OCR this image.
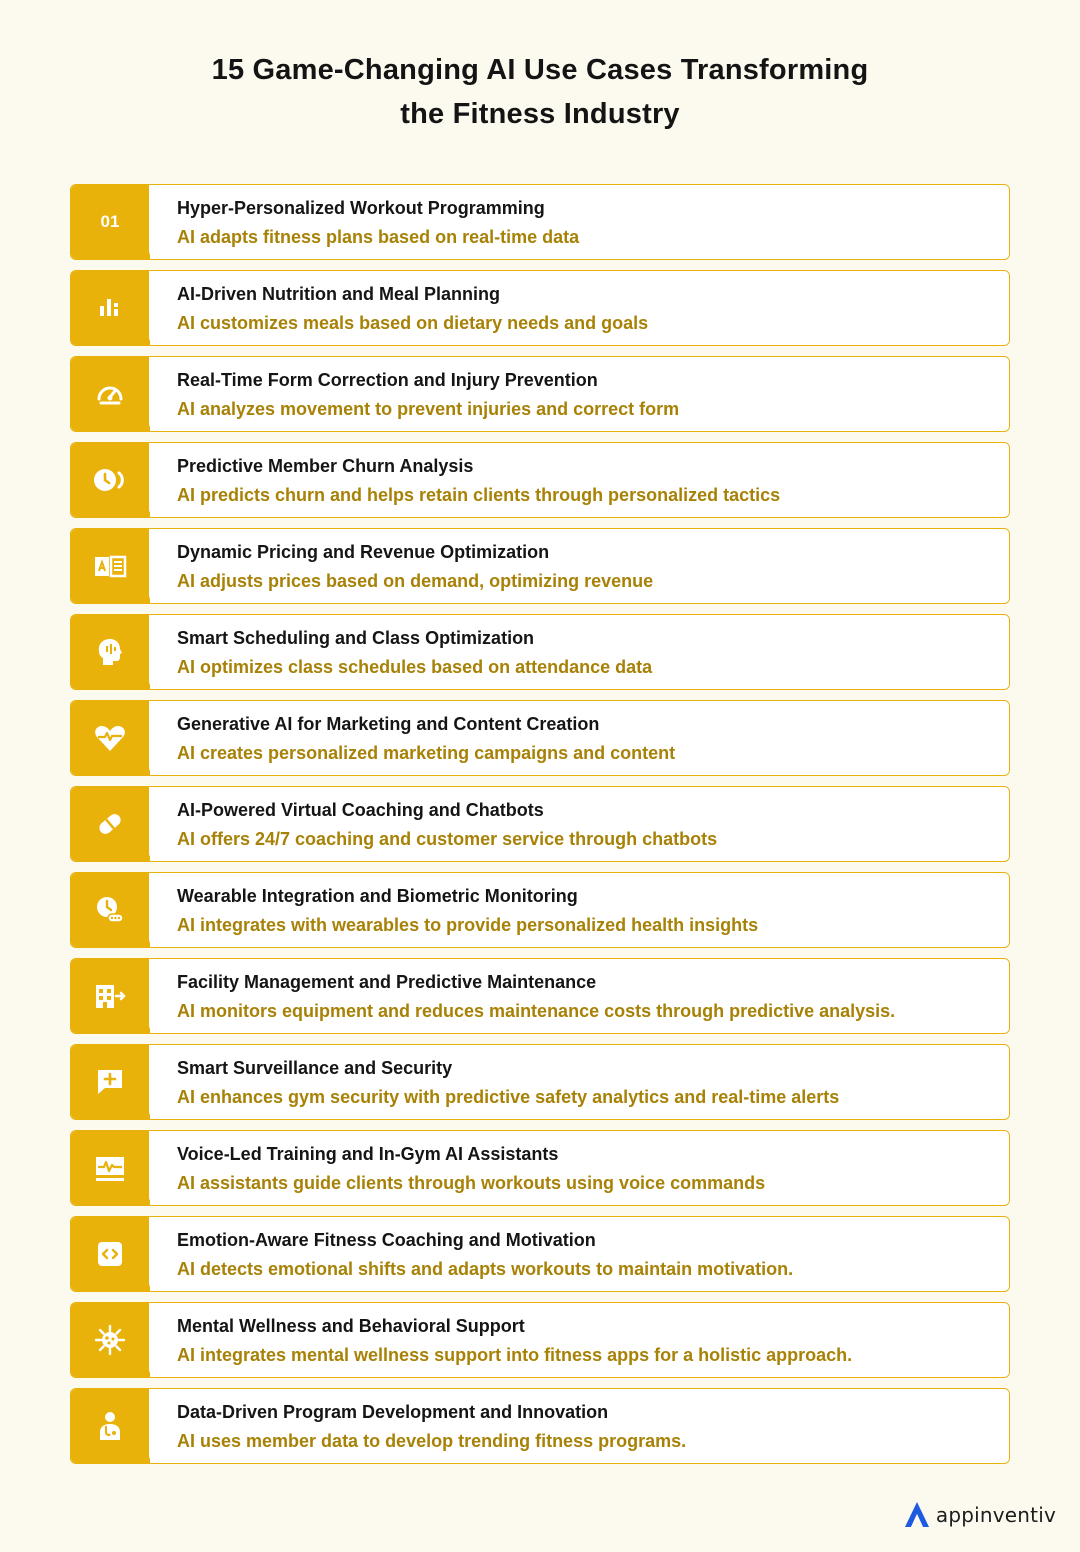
15 Game-Changing AI Use Cases Transforming
the Fitness Industry
01
Hyper-Personalized Workout Programming
AI adapts fitness plans based on real-time data
AI-Driven Nutrition and Meal Planning
AI customizes meals based on dietary needs and goals
Real-Time Form Correction and Injury Prevention
AI analyzes movement to prevent injuries and correct form
Predictive Member Churn Analysis
AI predicts churn and helps retain clients through personalized tactics
Dynamic Pricing and Revenue Optimization
AI adjusts prices based on demand, optimizing revenue
Smart Scheduling and Class Optimization
AI optimizes class schedules based on attendance data
Generative AI for Marketing and Content Creation
AI creates personalized marketing campaigns and content
AI-Powered Virtual Coaching and Chatbots
AI offers 24/7 coaching and customer service through chatbots
Wearable Integration and Biometric Monitoring
AI integrates with wearables to provide personalized health insights
Facility Management and Predictive Maintenance
AI monitors equipment and reduces maintenance costs through predictive analysis.
Smart Surveillance and Security
AI enhances gym security with predictive safety analytics and real-time alerts
Voice-Led Training and In-Gym AI Assistants
AI assistants guide clients through workouts using voice commands
Emotion-Aware Fitness Coaching and Motivation
AI detects emotional shifts and adapts workouts to maintain motivation.
Mental Wellness and Behavioral Support
AI integrates mental wellness support into fitness apps for a holistic approach.
Data-Driven Program Development and Innovation
AI uses member data to develop trending fitness programs.
appinventiv
